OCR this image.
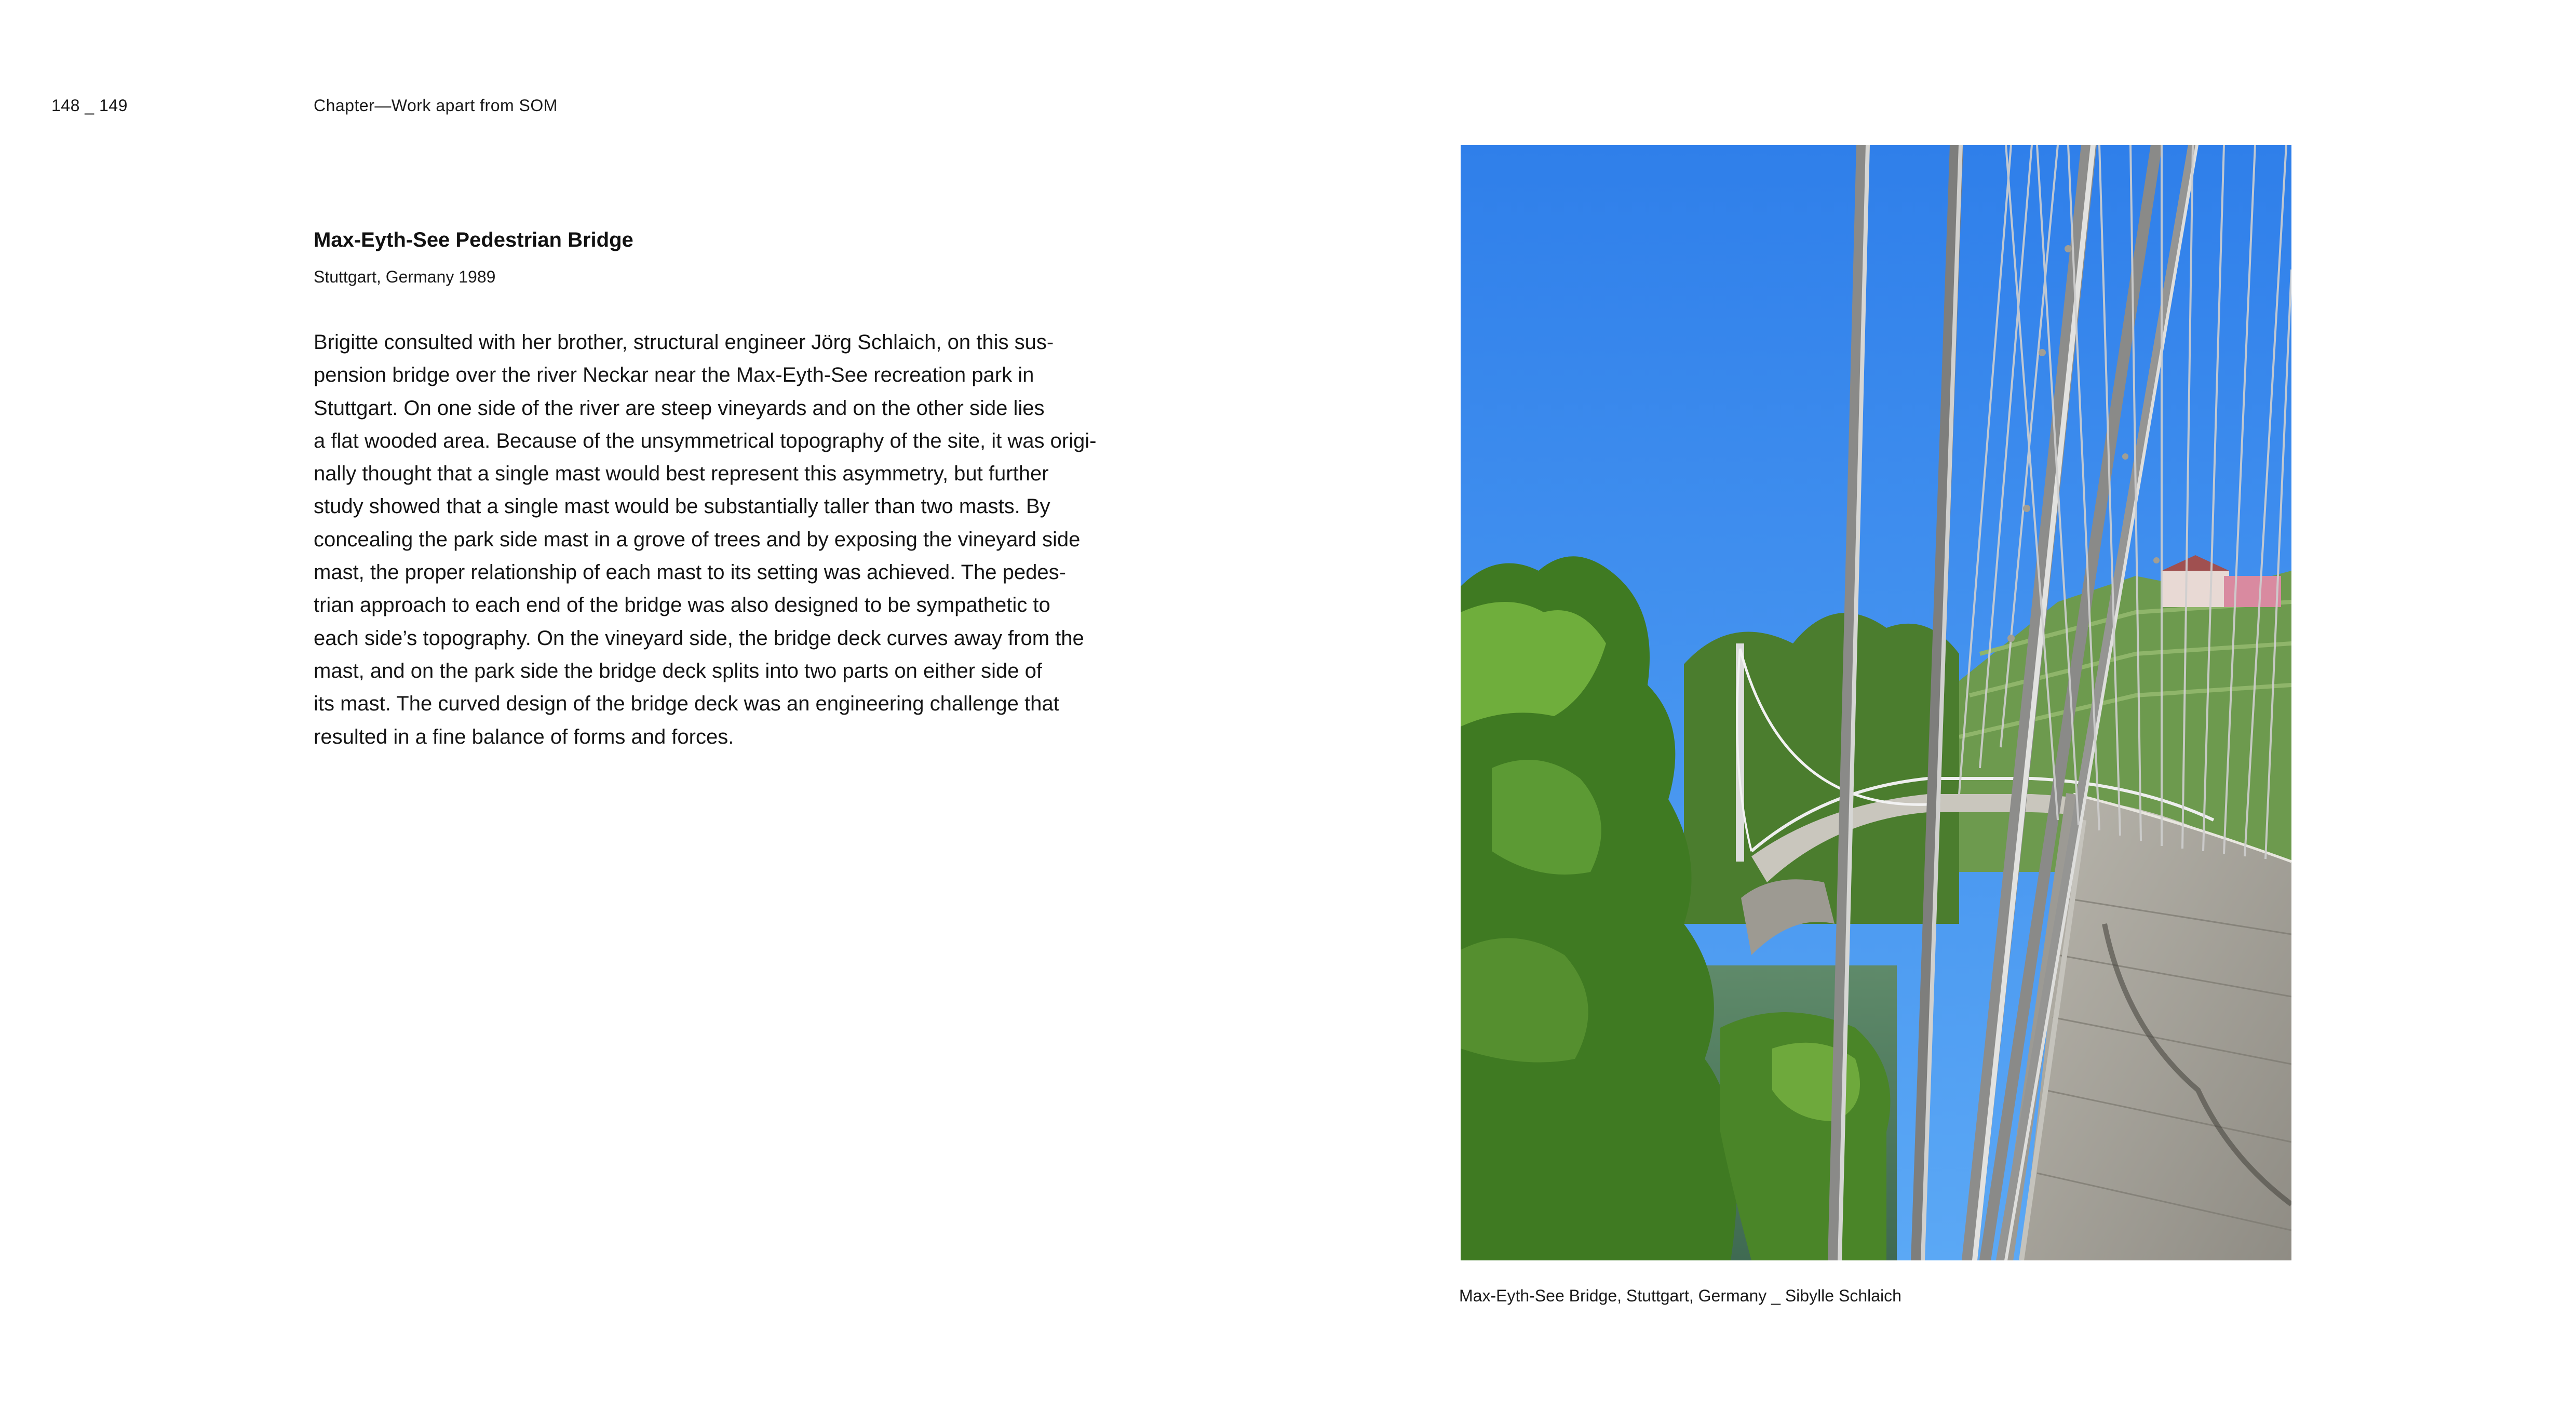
148 _ 149	Chapter—Work apart from SOM
Max-Eyth-See Pedestrian Bridge
Stuttgart, Germany 1989

Brigitte consulted with her brother, structural engineer Jörg Schlaich, on this sus-
pension bridge over the river Neckar near the Max-Eyth-See recreation park in
Stuttgart. On one side of the river are steep vineyards and on the other side lies
a flat wooded area. Because of the unsymmetrical topography of the site, it was origi-
nally thought that a single mast would best represent this asymmetry, but further
study showed that a single mast would be substantially taller than two masts. By
concealing the park side mast in a grove of trees and by exposing the vineyard side
mast, the proper relationship of each mast to its setting was achieved. The pedes-
trian approach to each end of the bridge was also designed to be sympathetic to
each side’s topography. On the vineyard side, the bridge deck curves away from the
mast, and on the park side the bridge deck splits into two parts on either side of
its mast. The curved design of the bridge deck was an engineering challenge that
resulted in a fine balance of forms and forces.

Max-Eyth-See Bridge, Stuttgart, Germany _ Sibylle Schlaich
